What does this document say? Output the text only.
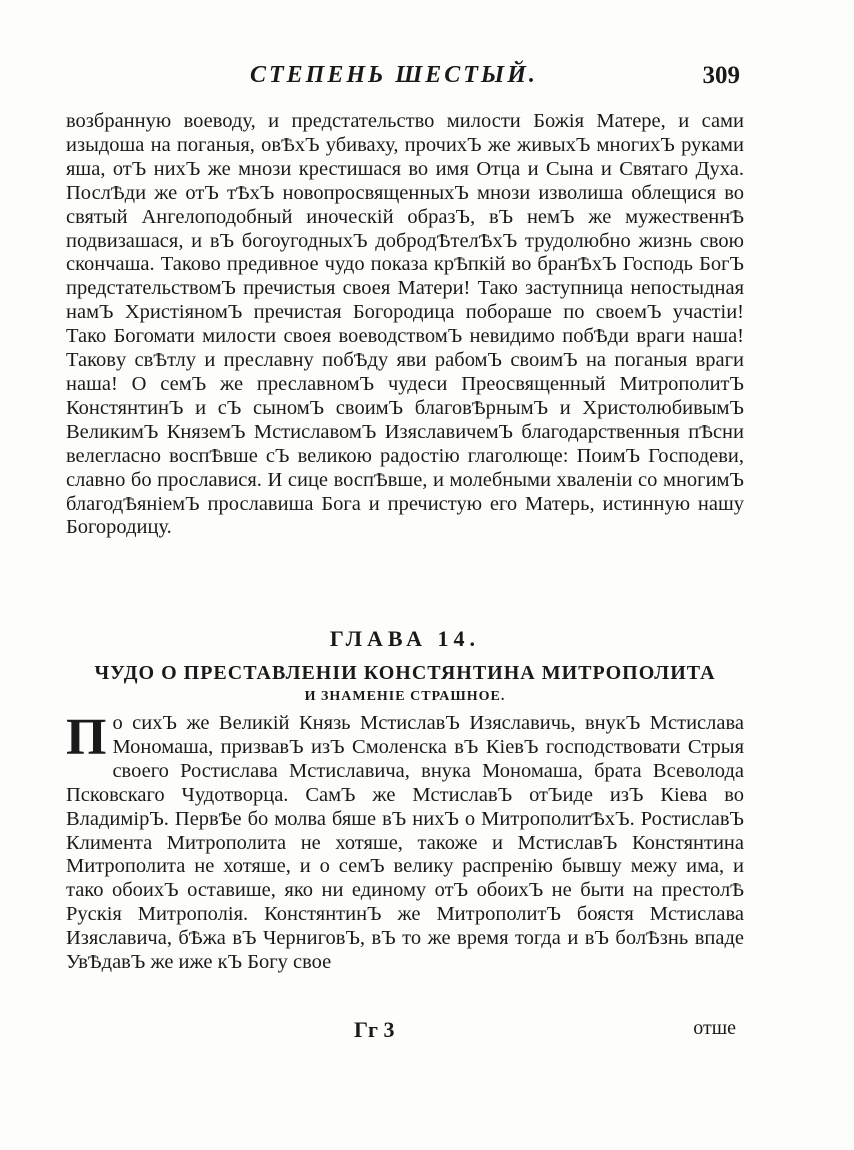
СТЕПЕНЬ ШЕСТЫЙ.	309
возбранную воеводу, и предстательство милости Божія Матере, и сами изыдоша на поганыя, овѢхЪ убиваху, прочихЪ же живыхЪ многихЪ руками яша, отЪ нихЪ же мнози крестишася во имя Отца и Сына и Святаго Духа. ПослѢди же отЪ тѢхЪ новопросвященныхЪ мнози изволиша облещися во святый Ангелоподобный иноческій образЪ, вЪ немЪ же мужественнѢ подвизашася, и вЪ богоугодныхЪ добродѢтелѢхЪ трудолюбно жизнь свою скончаша. Таково предивное чудо показа крѢпкій во бранѢхЪ Господь БогЪ предстательствомЪ пречистыя своея Матери! Тако заступница непостыдная намЪ ХристіяномЪ пречистая Богородица побораше по своемЪ участіи! Тако Богомати милости своея воеводствомЪ невидимо побѢди враги наша! Таковy свѢтлу и преславну побѢду яви рабомЪ своимЪ на поганыя враги наша! О семЪ же преславномЪ чудеси Преосвященный МитрополитЪ КонстянтинЪ и сЪ сыномЪ своимЪ благовѢрнымЪ и ХристолюбивымЪ ВеликимЪ КняземЪ МстиславомЪ ИзяславичемЪ благодарственныя пѢсни велегласно воспѢвше сЪ великою радостію глаголюще: ПоимЪ Господеви, славно бо прославися. И сице воспѢвше, и молебными хваленіи со многимЪ благодѢяніемЪ прославиша Бога и пречистую его Матерь, истинную нашу Богородицу.
ГЛАВА 14.
ЧУДО О ПРЕСТАВЛЕНІИ КОНСТЯНТИНА МИТРОПОЛИТА
И ЗНАМЕНІЕ СТРАШНОЕ.
По сихЪ же Великій Князь МстиславЪ Изяславичь, внукЪ Мстислава Мономаша, призвавЪ изЪ Смоленска вЪ КіевЪ господствовати Стрыя своего Ростислава Мстиславича, внука Мономаша, брата Всеволода Псковскаго Чудотворца. СамЪ же МстиславЪ отЪиде изЪ Кіева во ВладимірЪ. ПервѢе бо молва бяше вЪ нихЪ о МитрополитѢхЪ. РостиславЪ Климента Митрополита не хотяше, такоже и МстиславЪ Констянтина Митрополита не хотяше, и о семЪ велику распренію бывшу межу има, и тако обоихЪ оставише, яко ни единому отЪ обоихЪ не быти на престолѢ Рускія Митрополія. КонстянтинЪ же МитрополитЪ боястя Мстислава Изяславича, бѢжа вЪ ЧерниговЪ, вЪ то же время тогда и вЪ болѢзнь впаде УвѢдавЪ же иже кЪ Богу свое
Гг 3	отше
